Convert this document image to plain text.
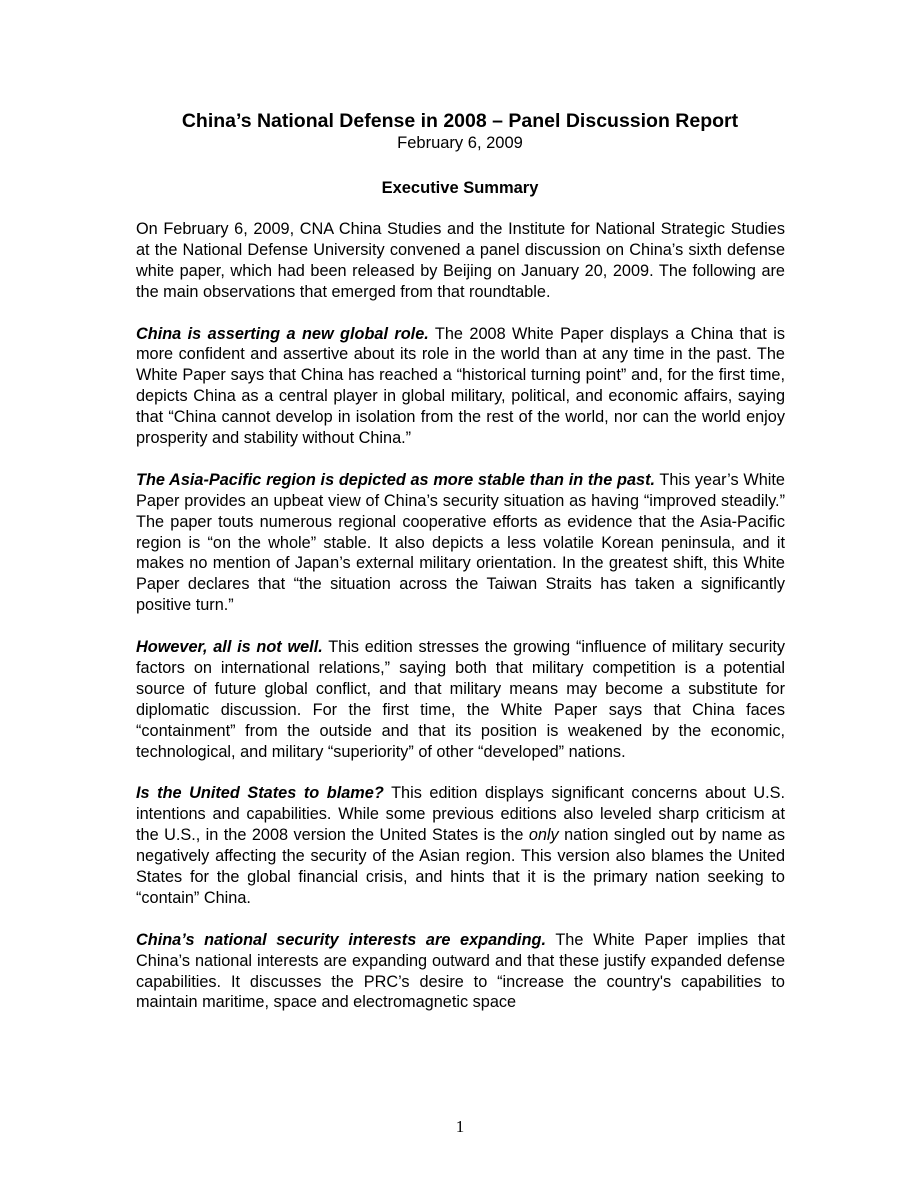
China’s National Defense in 2008 – Panel Discussion Report
February 6, 2009
Executive Summary

On February 6, 2009, CNA China Studies and the Institute for National Strategic Studies at the National Defense University convened a panel discussion on China’s sixth defense white paper, which had been released by Beijing on January 20, 2009. The following are the main observations that emerged from that roundtable.

China is asserting a new global role. The 2008 White Paper displays a China that is more confident and assertive about its role in the world than at any time in the past. The White Paper says that China has reached a “historical turning point” and, for the first time, depicts China as a central player in global military, political, and economic affairs, saying that “China cannot develop in isolation from the rest of the world, nor can the world enjoy prosperity and stability without China.”

The Asia-Pacific region is depicted as more stable than in the past. This year’s White Paper provides an upbeat view of China’s security situation as having “improved steadily.” The paper touts numerous regional cooperative efforts as evidence that the Asia-Pacific region is “on the whole” stable. It also depicts a less volatile Korean peninsula, and it makes no mention of Japan’s external military orientation. In the greatest shift, this White Paper declares that “the situation across the Taiwan Straits has taken a significantly positive turn.”

However, all is not well. This edition stresses the growing “influence of military security factors on international relations,” saying both that military competition is a potential source of future global conflict, and that military means may become a substitute for diplomatic discussion. For the first time, the White Paper says that China faces “containment” from the outside and that its position is weakened by the economic, technological, and military “superiority” of other “developed” nations.

Is the United States to blame? This edition displays significant concerns about U.S. intentions and capabilities. While some previous editions also leveled sharp criticism at the U.S., in the 2008 version the United States is the only nation singled out by name as negatively affecting the security of the Asian region. This version also blames the United States for the global financial crisis, and hints that it is the primary nation seeking to “contain” China.

China’s national security interests are expanding. The White Paper implies that China’s national interests are expanding outward and that these justify expanded defense capabilities. It discusses the PRC’s desire to “increase the country's capabilities to maintain maritime, space and electromagnetic space

1
